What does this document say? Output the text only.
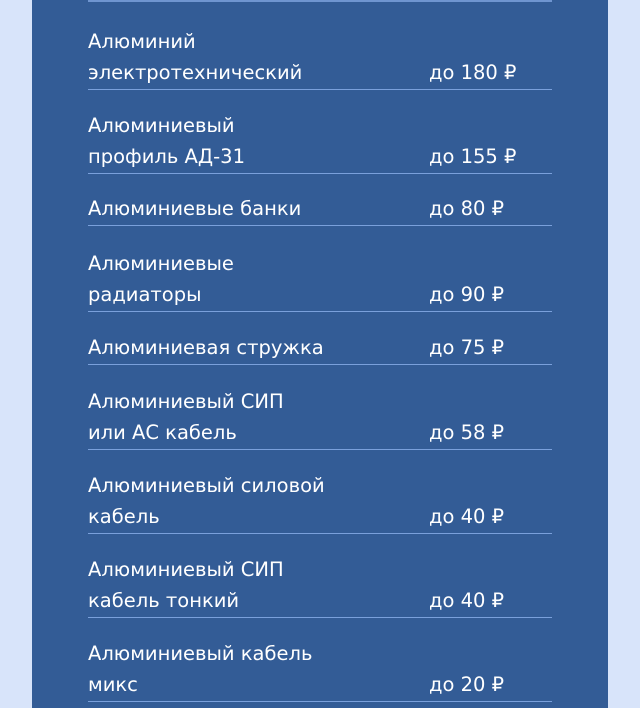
Алюминий
электротехнический	до 180 ₽
Алюминиевый
профиль АД-31	до 155 ₽
Алюминиевые банки	до 80 ₽
Алюминиевые
радиаторы	до 90 ₽
Алюминиевая стружка	до 75 ₽
Алюминиевый СИП
или АС кабель	до 58 ₽
Алюминиевый силовой
кабель	до 40 ₽
Алюминиевый СИП
кабель тонкий	до 40 ₽
Алюминиевый кабель
микс	до 20 ₽
